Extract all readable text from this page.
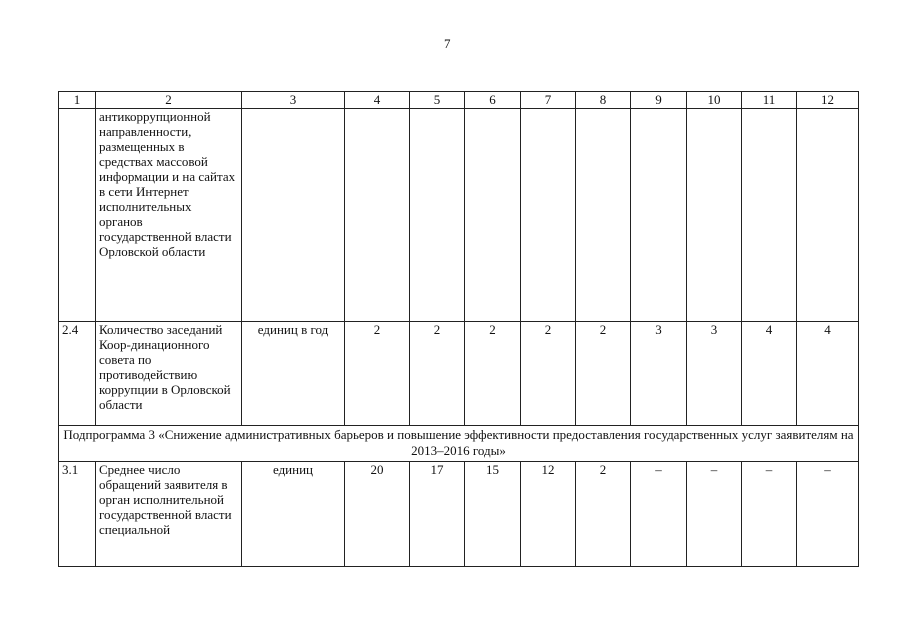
7
1	2	3	4	5	6	7	8	9	10	11	12
	антикоррупционной направленности, размещенных в средствах массовой информации и на сайтах в сети Интернет исполнительных органов государственной власти Орловской области										
2.4	Количество заседаний Коор-динационного совета по противодействию коррупции в Орловской области	единиц в год	2	2	2	2	2	3	3	4	4
Подпрограмма 3 «Снижение административных барьеров и повышение эффективности предоставления государственных услуг заявителям на 2013–2016 годы»											
3.1	Среднее число обращений заявителя в орган исполнительной государственной власти специальной	единиц	20	17	15	12	2	–	–	–	–
